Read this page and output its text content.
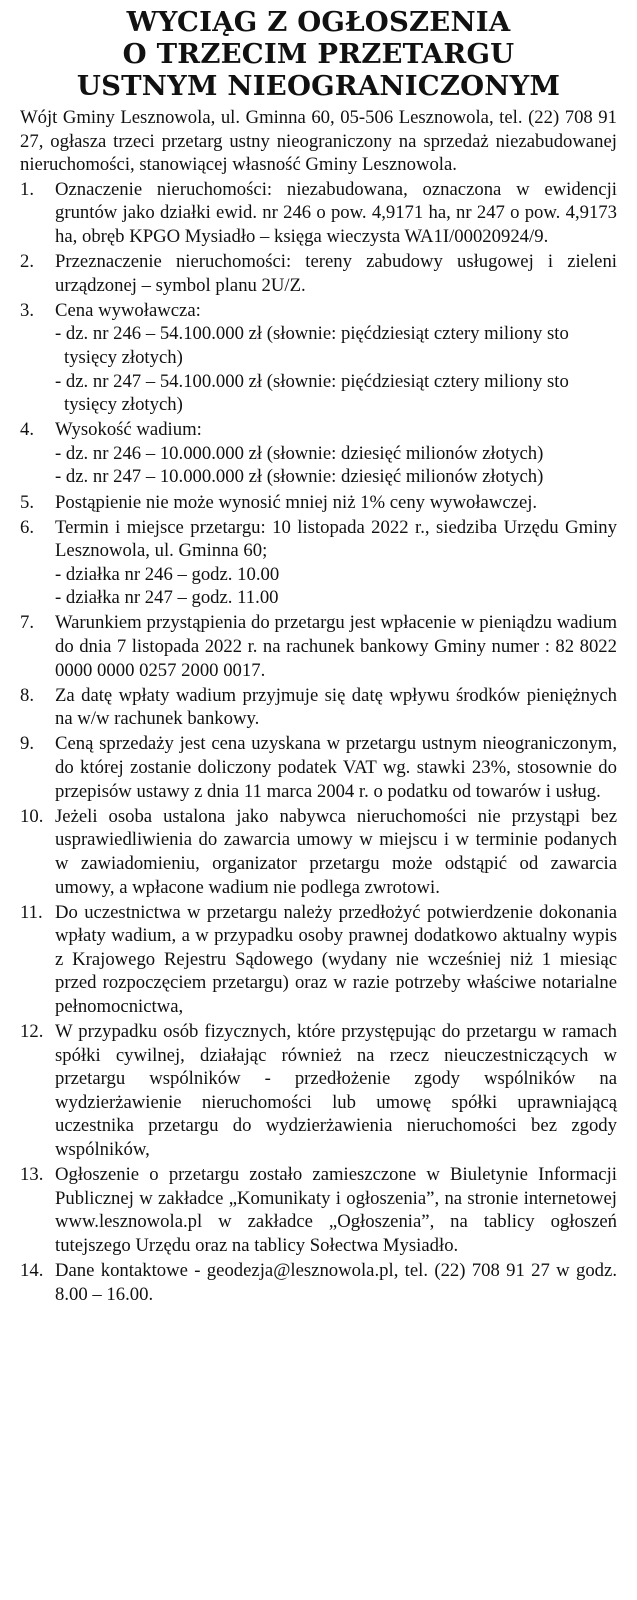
WYCIĄG Z OGŁOSZENIA
O TRZECIM PRZETARGU
USTNYM NIEOGRANICZONYM

Wójt Gminy Lesznowola, ul. Gminna 60, 05-506 Lesznowola, tel. (22) 708 91 27, ogłasza trzeci przetarg ustny nieograniczony na sprzedaż niezabudowanej nieruchomości, stanowiącej własność Gminy Lesznowola.

1.	Oznaczenie nieruchomości: niezabudowana, oznaczona w ewidencji gruntów jako działki ewid. nr 246 o pow. 4,9171 ha, nr 247 o pow. 4,9173 ha, obręb KPGO Mysiadło – księga wieczysta WA1I/00020924/9.
2.	Przeznaczenie nieruchomości: tereny zabudowy usługowej i zieleni urządzonej – symbol planu 2U/Z.
3.	Cena wywoławcza:
- dz. nr 246 – 54.100.000 zł (słownie: pięćdziesiąt cztery miliony sto tysięcy złotych)
- dz. nr 247 – 54.100.000 zł (słownie: pięćdziesiąt cztery miliony sto tysięcy złotych)
4.	Wysokość wadium:
- dz. nr 246 – 10.000.000 zł (słownie: dziesięć milionów złotych)
- dz. nr 247 – 10.000.000 zł (słownie: dziesięć milionów złotych)
5.	Postąpienie nie może wynosić mniej niż 1% ceny wywoławczej.
6.	Termin i miejsce przetargu: 10 listopada 2022 r., siedziba Urzędu Gminy Lesznowola, ul. Gminna 60;
- działka nr 246 – godz. 10.00
- działka nr 247 – godz. 11.00
7.	Warunkiem przystąpienia do przetargu jest wpłacenie w pieniądzu wadium do dnia 7 listopada 2022 r. na rachunek bankowy Gminy numer : 82 8022 0000 0000 0257 2000 0017.
8.	Za datę wpłaty wadium przyjmuje się datę wpływu środków pieniężnych na w/w rachunek bankowy.
9.	Ceną sprzedaży jest cena uzyskana w przetargu ustnym nieograniczonym, do której zostanie doliczony podatek VAT wg. stawki 23%, stosownie do przepisów ustawy z dnia 11 marca 2004 r. o podatku od towarów i usług.
10. Jeżeli osoba ustalona jako nabywca nieruchomości nie przystąpi bez usprawiedliwienia do zawarcia umowy w miejscu i w terminie podanych w zawiadomieniu, organizator przetargu może odstąpić od zawarcia umowy, a wpłacone wadium nie podlega zwrotowi.
11. Do uczestnictwa w przetargu należy przedłożyć potwierdzenie dokonania wpłaty wadium, a w przypadku osoby prawnej dodatkowo aktualny wypis z Krajowego Rejestru Sądowego (wydany nie wcześniej niż 1 miesiąc przed rozpoczęciem przetargu) oraz w razie potrzeby właściwe notarialne pełnomocnictwa,
12. W przypadku osób fizycznych, które przystępując do przetargu w ramach spółki cywilnej, działając również na rzecz nieuczestniczących w przetargu wspólników - przedłożenie zgody wspólników na wydzierżawienie nieruchomości lub umowę spółki uprawniającą uczestnika przetargu do wydzierżawienia nieruchomości bez zgody wspólników,
13. Ogłoszenie o przetargu zostało zamieszczone w Biuletynie Informacji Publicznej w zakładce „Komunikaty i ogłoszenia”, na stronie internetowej www.lesznowola.pl w zakładce „Ogłoszenia”, na tablicy ogłoszeń tutejszego Urzędu oraz na tablicy Sołectwa Mysiadło.
14. Dane kontaktowe - geodezja@lesznowola.pl, tel. (22) 708 91 27 w godz. 8.00 – 16.00.
